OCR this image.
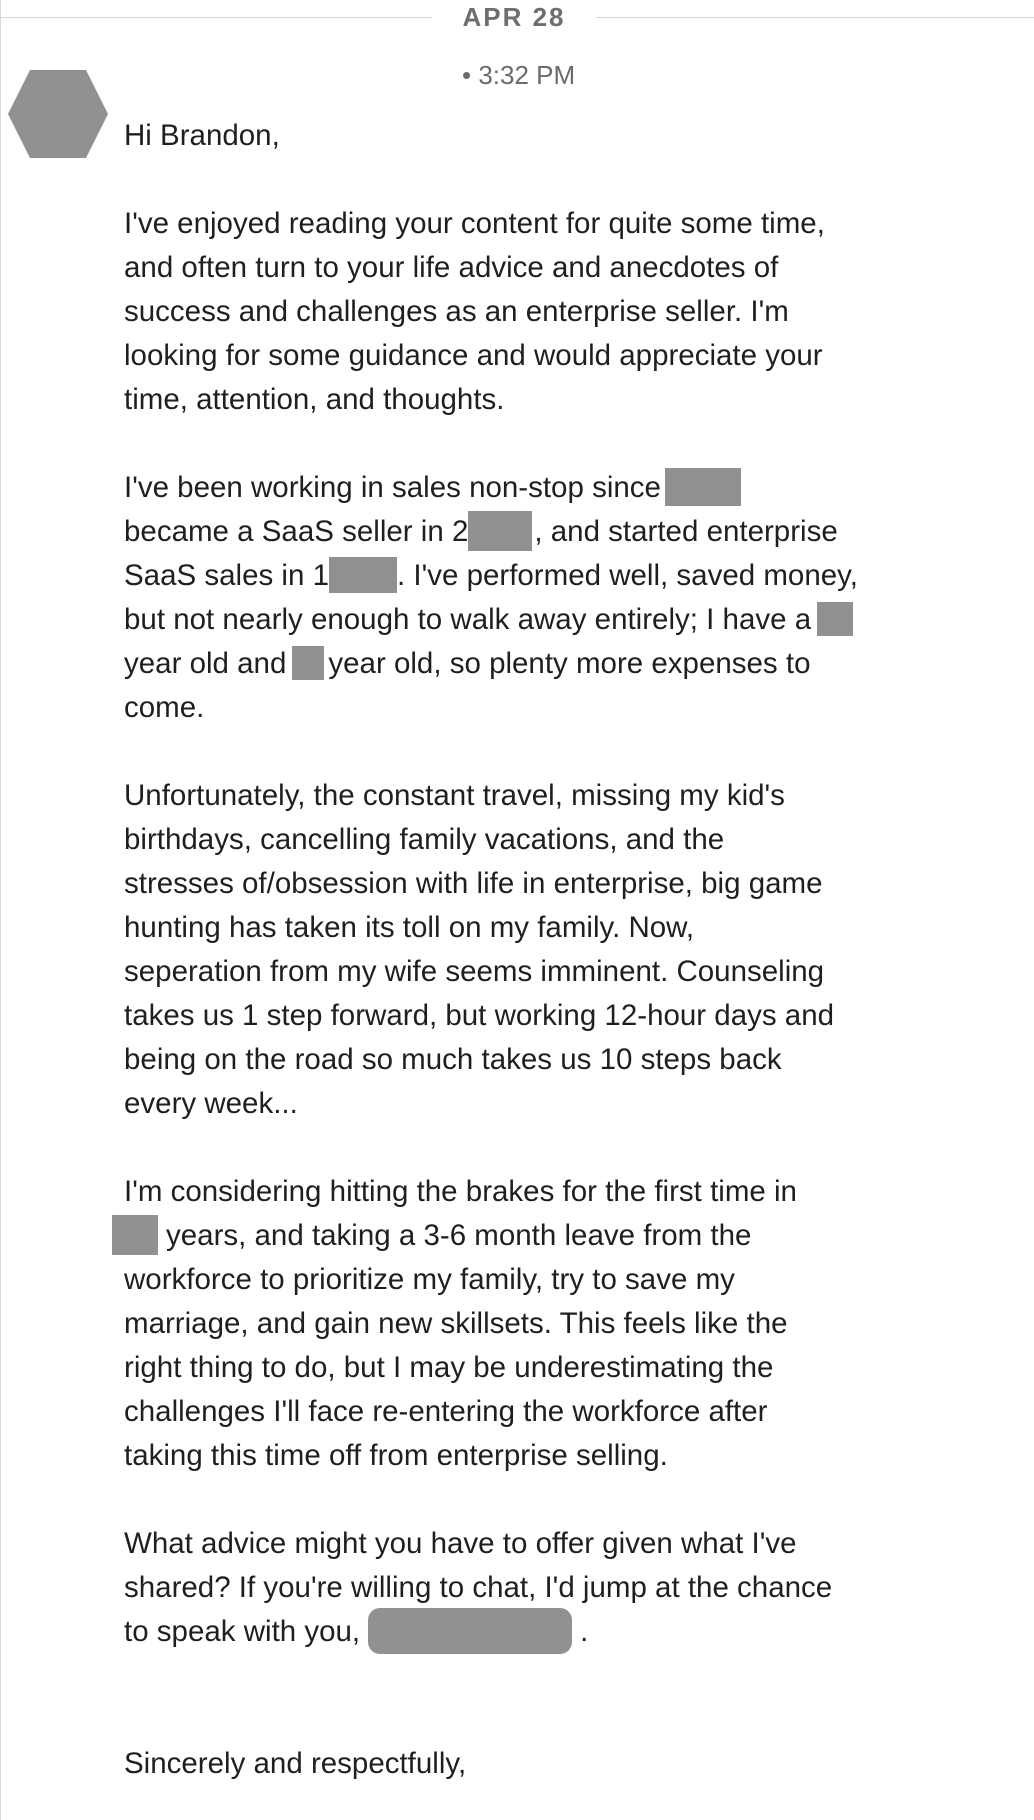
APR 28
• 3:32 PM
Hi Brandon,
I've enjoyed reading your content for quite some time,
and often turn to your life advice and anecdotes of
success and challenges as an enterprise seller. I'm
looking for some guidance and would appreciate your
time, attention, and thoughts.
I've been working in sales non-stop since
became a SaaS seller in 2 , and started enterprise
SaaS sales in 1 . I've performed well, saved money,
but not nearly enough to walk away entirely; I have a
year old and year old, so plenty more expenses to
come.
Unfortunately, the constant travel, missing my kid's
birthdays, cancelling family vacations, and the
stresses of/obsession with life in enterprise, big game
hunting has taken its toll on my family. Now,
seperation from my wife seems imminent. Counseling
takes us 1 step forward, but working 12-hour days and
being on the road so much takes us 10 steps back
every week...
I'm considering hitting the brakes for the first time in
years, and taking a 3-6 month leave from the
workforce to prioritize my family, try to save my
marriage, and gain new skillsets. This feels like the
right thing to do, but I may be underestimating the
challenges I'll face re-entering the workforce after
taking this time off from enterprise selling.
What advice might you have to offer given what I've
shared? If you're willing to chat, I'd jump at the chance
to speak with you,	.
Sincerely and respectfully,
